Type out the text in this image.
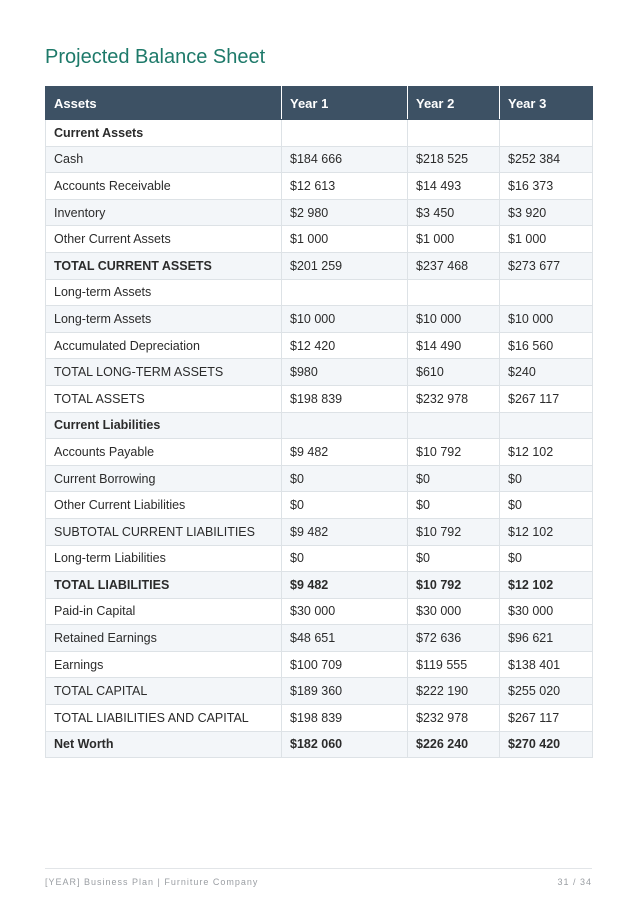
Projected Balance Sheet
Assets	Year 1	Year 2	Year 3
Current Assets			
Cash	$184 666	$218 525	$252 384
Accounts Receivable	$12 613	$14 493	$16 373
Inventory	$2 980	$3 450	$3 920
Other Current Assets	$1 000	$1 000	$1 000
TOTAL CURRENT ASSETS	$201 259	$237 468	$273 677
Long-term Assets			
Long-term Assets	$10 000	$10 000	$10 000
Accumulated Depreciation	$12 420	$14 490	$16 560
TOTAL LONG-TERM ASSETS	$980	$610	$240
TOTAL ASSETS	$198 839	$232 978	$267 117
Current Liabilities			
Accounts Payable	$9 482	$10 792	$12 102
Current Borrowing	$0	$0	$0
Other Current Liabilities	$0	$0	$0
SUBTOTAL CURRENT LIABILITIES	$9 482	$10 792	$12 102
Long-term Liabilities	$0	$0	$0
TOTAL LIABILITIES	$9 482	$10 792	$12 102
Paid-in Capital	$30 000	$30 000	$30 000
Retained Earnings	$48 651	$72 636	$96 621
Earnings	$100 709	$119 555	$138 401
TOTAL CAPITAL	$189 360	$222 190	$255 020
TOTAL LIABILITIES AND CAPITAL	$198 839	$232 978	$267 117
Net Worth	$182 060	$226 240	$270 420
[YEAR] Business Plan | Furniture Company	31 / 34
